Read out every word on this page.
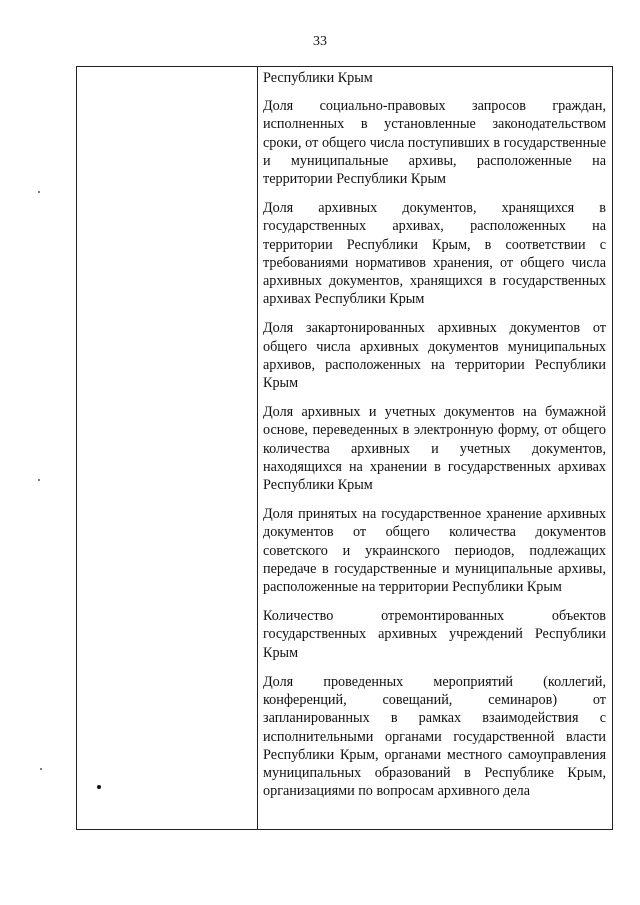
33

Республики Крым

Доля социально-правовых запросов граждан, исполненных в установленные законодательством сроки, от общего числа поступивших в государственные и муниципальные архивы, расположенные на территории Республики Крым

Доля архивных документов, хранящихся в государственных архивах, расположенных на территории Республики Крым, в соответствии с требованиями нормативов хранения, от общего числа архивных документов, хранящихся в государственных архивах Республики Крым

Доля закартонированных архивных документов от общего числа архивных документов муниципальных архивов, расположенных на территории Республики Крым

Доля архивных и учетных документов на бумажной основе, переведенных в электронную форму, от общего количества архивных и учетных документов, находящихся на хранении в государственных архивах Республики Крым

Доля принятых на государственное хранение архивных документов от общего количества документов советского и украинского периодов, подлежащих передаче в государственные и муниципальные архивы, расположенные на территории Республики Крым

Количество отремонтированных объектов государственных архивных учреждений Республики Крым

Доля проведенных мероприятий (коллегий, конференций, совещаний, семинаров) от запланированных в рамках взаимодействия с исполнительными органами государственной власти Республики Крым, органами местного самоуправления муниципальных образований в Республике Крым, организациями по вопросам архивного дела
